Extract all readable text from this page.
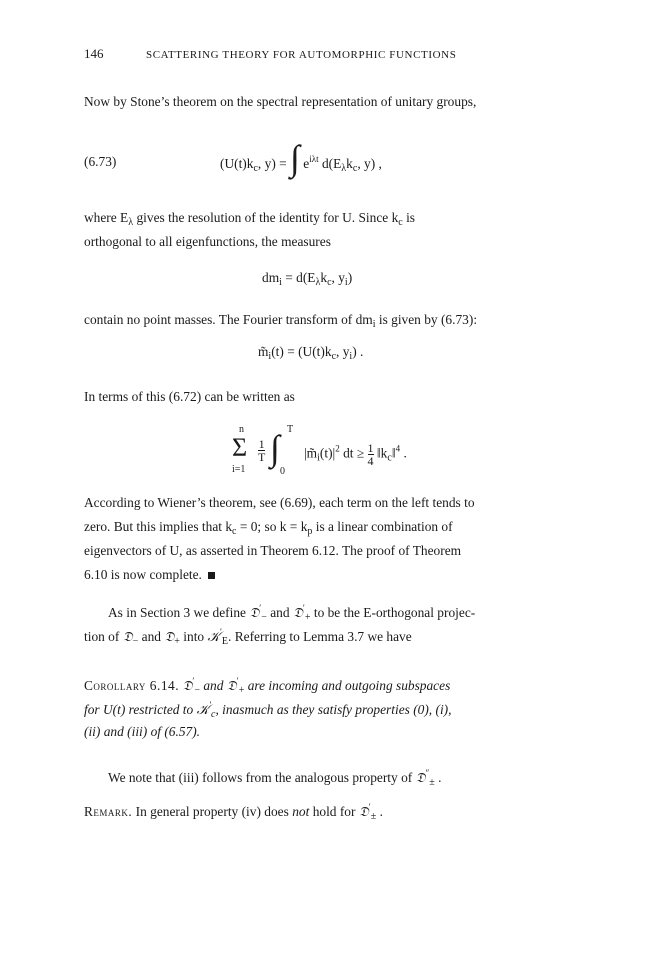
146	SCATTERING THEORY FOR AUTOMORPHIC FUNCTIONS
Now by Stone’s theorem on the spectral representation of unitary groups,
(6.73)	($U(t)k_c$, y) = ∫ $e^{i\lambda t}$ $d(E_\lambda k_c$, y) ,
where $E_\lambda$ gives the resolution of the identity for U. Since $k_c$ is
orthogonal to all eigenfunctions, the measures
$dm_i = d(E_\lambda k_c$, $y_i$)
contain no point masses. The Fourier transform of $dm_i$ is given by (6.73):
$m̃_i(t) = (U(t)k_c$, $y_i$) .
In terms of this (6.72) can be written as
n
Σ
i=1
$\frac{1}{T}$
T
∫
0
$|m̃_i(t)|^2$ dt ≥ $\frac{1}{4}$ $‖k_c‖^4$ .
According to Wiener’s theorem, see (6.69), each term on the left tends to
zero. But this implies that $k_c = 0$; so $k = k_p$ is a linear combination of
eigenvectors of U, as asserted in Theorem 6.12. The proof of Theorem
6.10 is now complete.
As in Section 3 we define 𝔇′$_-$ and 𝔇′$_+$ to be the E-orthogonal projec-
tion of 𝔇$_-$ and 𝔇$_+$ into 𝒦′$_E$. Referring to Lemma 3.7 we have
Corollary 6.14. 𝔇′$_-$ and 𝔇′$_+$ are incoming and outgoing subspaces
for U(t) restricted to 𝒦′$_c$, inasmuch as they satisfy properties (0), (i),
(ii) and (iii) of (6.57).
We note that (iii) follows from the analogous property of 𝔇″$_\pm$ .
Remark. In general property (iv) does not hold for 𝔇′$_\pm$ .
